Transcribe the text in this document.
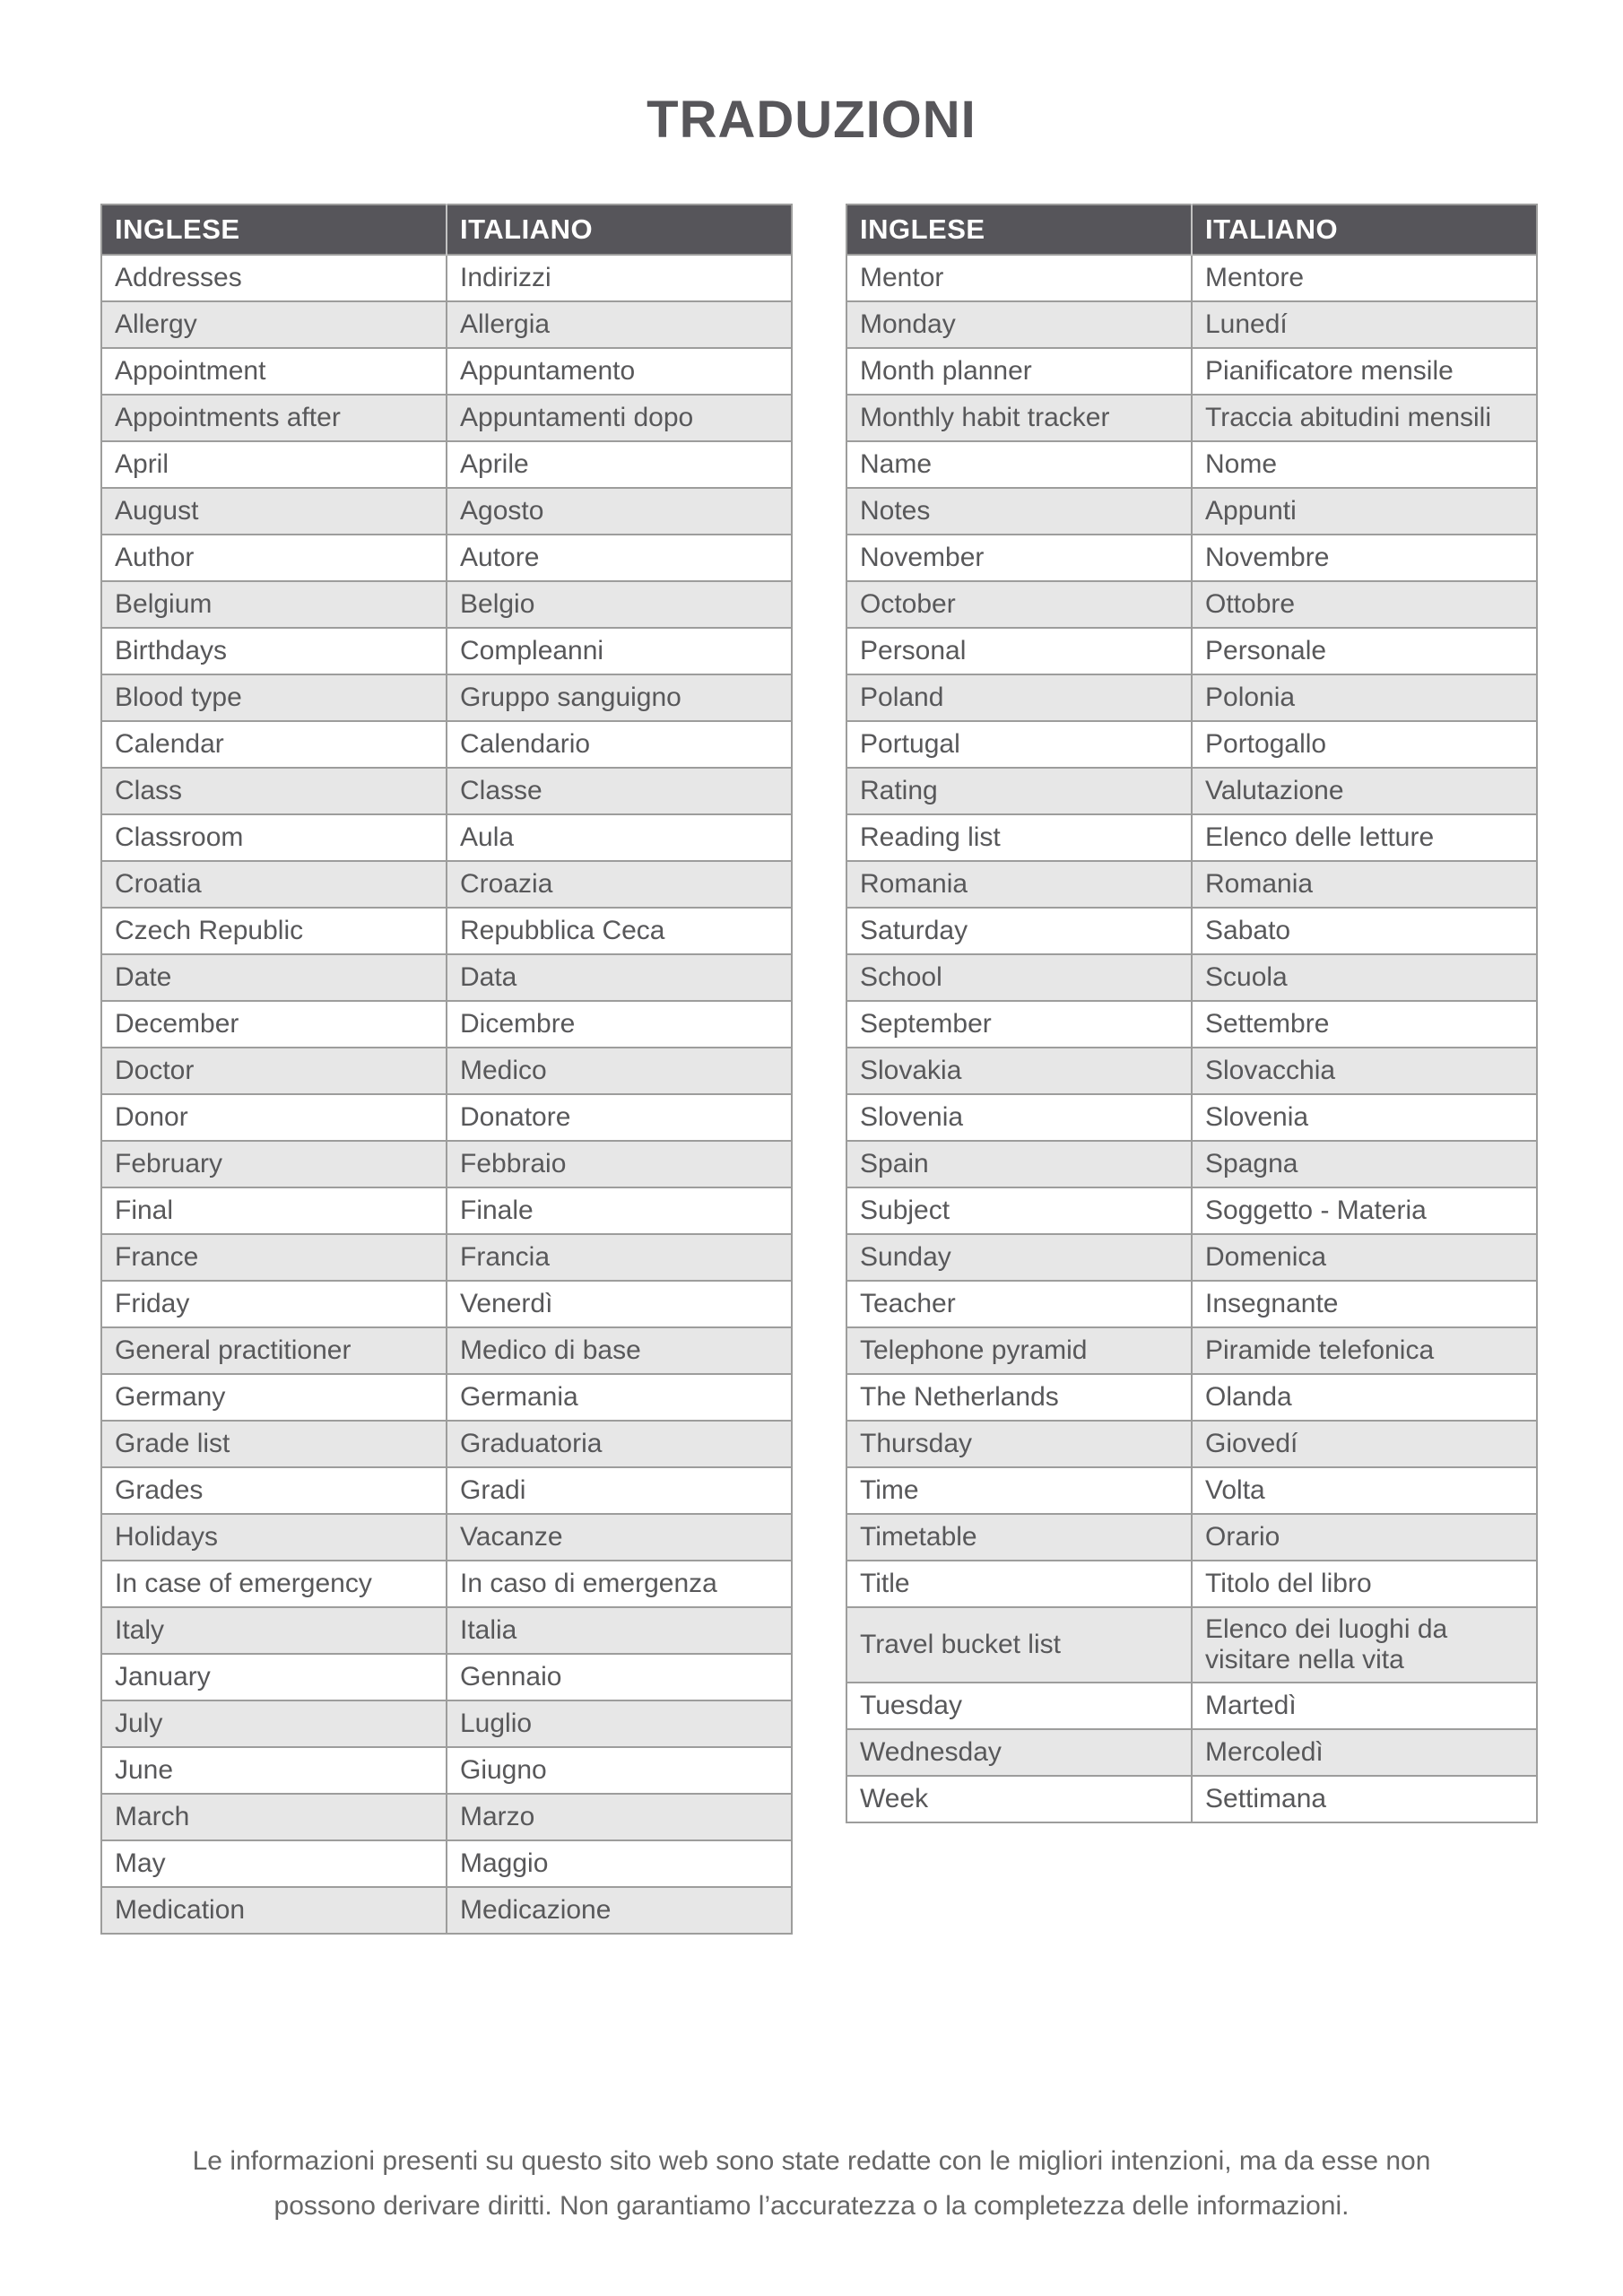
TRADUZIONI
INGLESE	ITALIANO
Addresses	Indirizzi
Allergy	Allergia
Appointment	Appuntamento
Appointments after	Appuntamenti dopo
April	Aprile
August	Agosto
Author	Autore
Belgium	Belgio
Birthdays	Compleanni
Blood type	Gruppo sanguigno
Calendar	Calendario
Class	Classe
Classroom	Aula
Croatia	Croazia
Czech Republic	Repubblica Ceca
Date	Data
December	Dicembre
Doctor	Medico
Donor	Donatore
February	Febbraio
Final	Finale
France	Francia
Friday	Venerdì
General practitioner	Medico di base
Germany	Germania
Grade list	Graduatoria
Grades	Gradi
Holidays	Vacanze
In case of emergency	In caso di emergenza
Italy	Italia
January	Gennaio
July	Luglio
June	Giugno
March	Marzo
May	Maggio
Medication	Medicazione
INGLESE	ITALIANO
Mentor	Mentore
Monday	Lunedí
Month planner	Pianificatore mensile
Monthly habit tracker	Traccia abitudini mensili
Name	Nome
Notes	Appunti
November	Novembre
October	Ottobre
Personal	Personale
Poland	Polonia
Portugal	Portogallo
Rating	Valutazione
Reading list	Elenco delle letture
Romania	Romania
Saturday	Sabato
School	Scuola
September	Settembre
Slovakia	Slovacchia
Slovenia	Slovenia
Spain	Spagna
Subject	Soggetto - Materia
Sunday	Domenica
Teacher	Insegnante
Telephone pyramid	Piramide telefonica
The Netherlands	Olanda
Thursday	Giovedí
Time	Volta
Timetable	Orario
Title	Titolo del libro
Travel bucket list	Elenco dei luoghi da visitare nella vita
Tuesday	Martedì
Wednesday	Mercoledì
Week	Settimana
Le informazioni presenti su questo sito web sono state redatte con le migliori intenzioni, ma da esse non
possono derivare diritti. Non garantiamo l’accuratezza o la completezza delle informazioni.
